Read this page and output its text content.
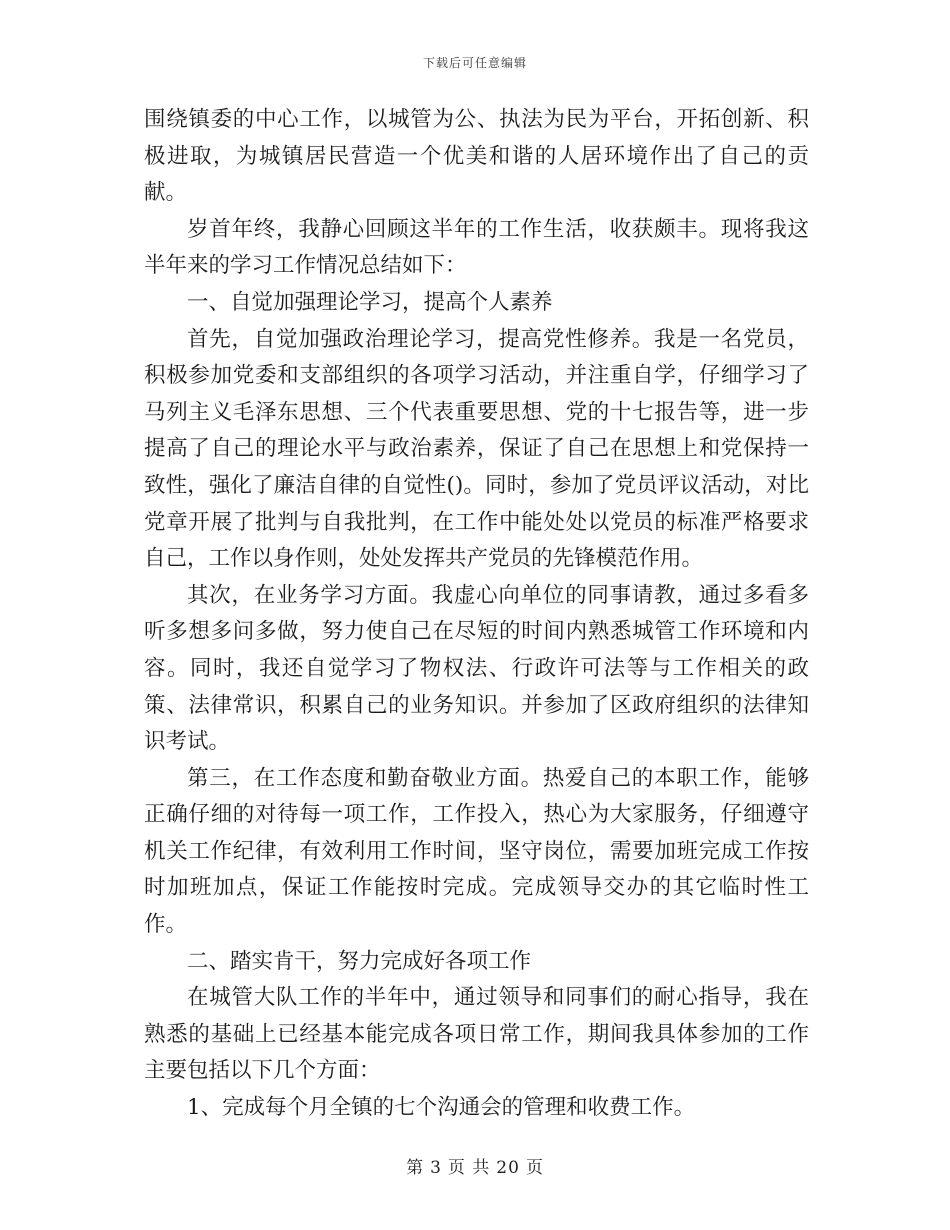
下载后可任意编辑

围绕镇委的中心工作，以城管为公、执法为民为平台，开拓创新、积极进取，为城镇居民营造一个优美和谐的人居环境作出了自己的贡献。

岁首年终，我静心回顾这半年的工作生活，收获颇丰。现将我这半年来的学习工作情况总结如下：

一、自觉加强理论学习，提高个人素养

首先，自觉加强政治理论学习，提高党性修养。我是一名党员，积极参加党委和支部组织的各项学习活动，并注重自学，仔细学习了马列主义毛泽东思想、三个代表重要思想、党的十七报告等，进一步提高了自己的理论水平与政治素养，保证了自己在思想上和党保持一致性，强化了廉洁自律的自觉性()。同时，参加了党员评议活动，对比党章开展了批判与自我批判，在工作中能处处以党员的标准严格要求自己，工作以身作则，处处发挥共产党员的先锋模范作用。

其次，在业务学习方面。我虚心向单位的同事请教，通过多看多听多想多问多做，努力使自己在尽短的时间内熟悉城管工作环境和内容。同时，我还自觉学习了物权法、行政许可法等与工作相关的政策、法律常识，积累自己的业务知识。并参加了区政府组织的法律知识考试。

第三，在工作态度和勤奋敬业方面。热爱自己的本职工作，能够正确仔细的对待每一项工作，工作投入，热心为大家服务，仔细遵守机关工作纪律，有效利用工作时间，坚守岗位，需要加班完成工作按时加班加点，保证工作能按时完成。完成领导交办的其它临时性工作。

二、踏实肯干，努力完成好各项工作

在城管大队工作的半年中，通过领导和同事们的耐心指导，我在熟悉的基础上已经基本能完成各项日常工作，期间我具体参加的工作主要包括以下几个方面：

1、完成每个月全镇的七个沟通会的管理和收费工作。

第 3 页 共 20 页
